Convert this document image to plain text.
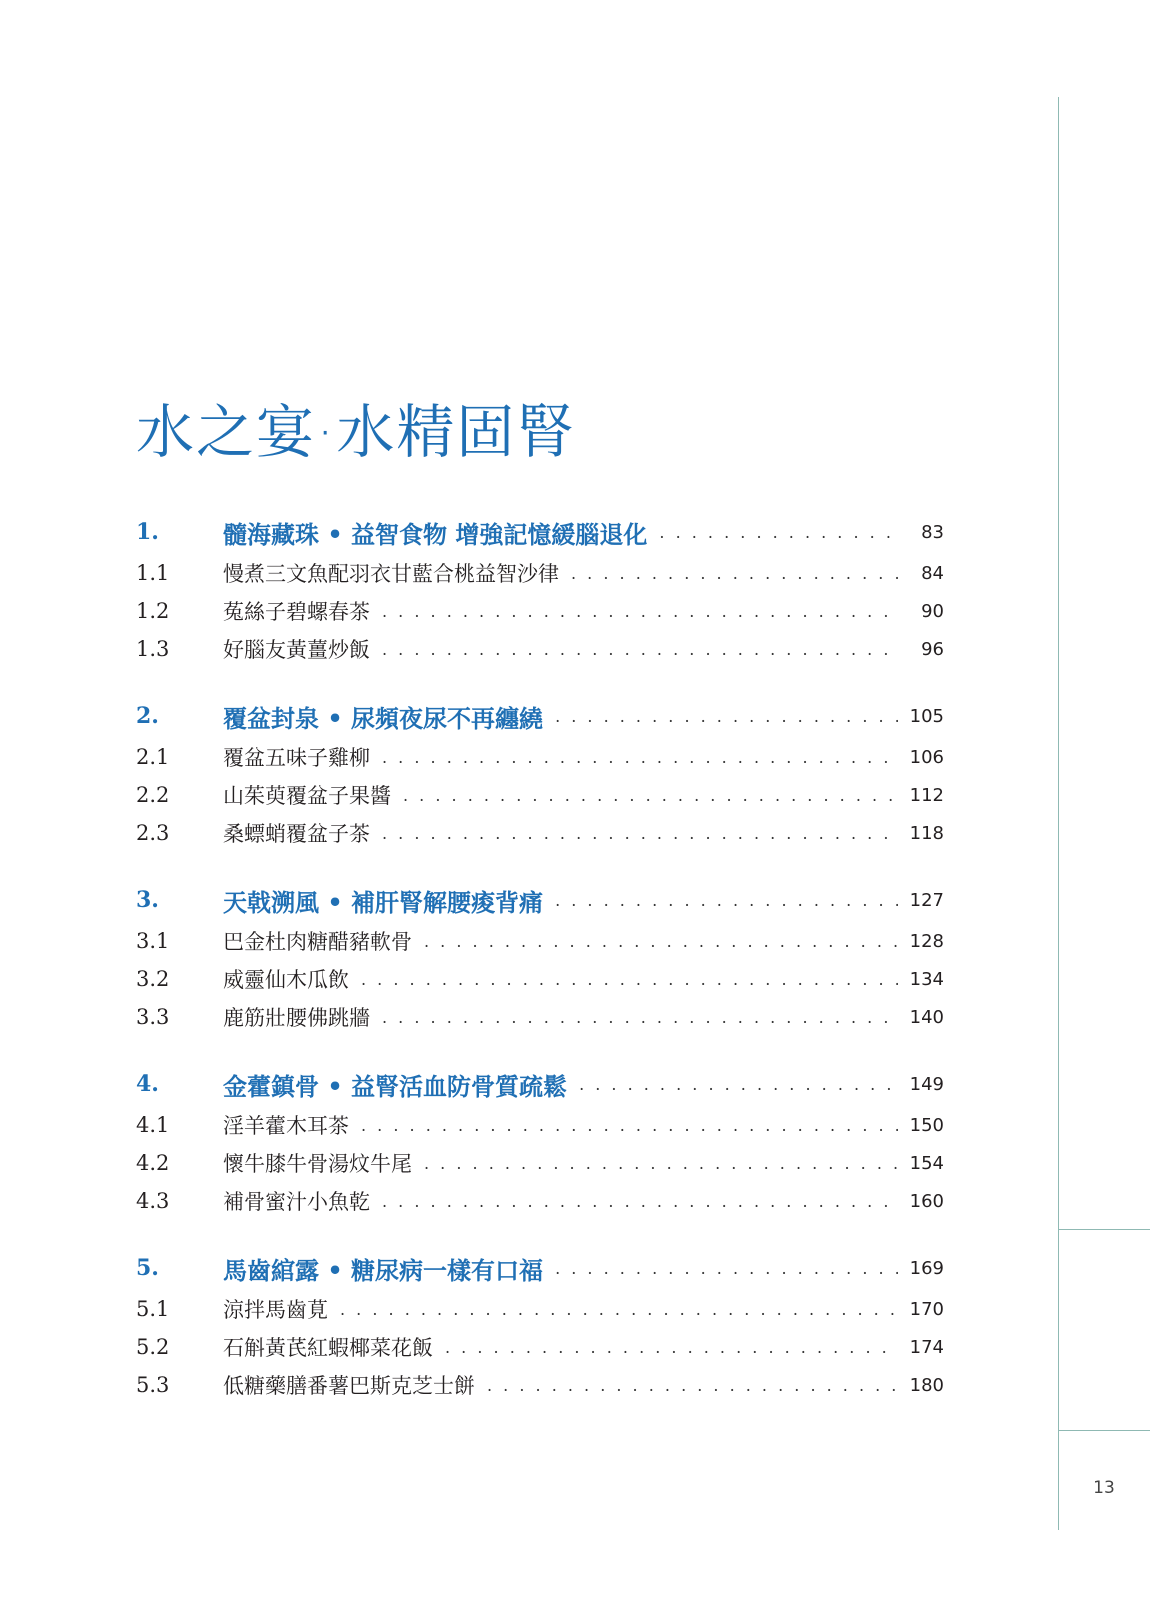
13
水之宴·水精固腎
1.	髓海藏珠 • 益智食物 增強記憶緩腦退化 . . .	83
1.1	慢煮三文魚配羽衣甘藍合桃益智沙律 . . .	84
1.2	菟絲子碧螺春茶 . . .	90
1.3	好腦友黃薑炒飯 . . .	96
2.	覆盆封泉 • 尿頻夜尿不再纏繞 . . .	105
2.1	覆盆五味子雞柳 . . .	106
2.2	山茱萸覆盆子果醬 . . .	112
2.3	桑螵蛸覆盆子茶 . . .	118
3.	天戟溯風 • 補肝腎解腰痠背痛 . . .	127
3.1	巴金杜肉糖醋豬軟骨 . . .	128
3.2	威靈仙木瓜飲 . . .	134
3.3	鹿筋壯腰佛跳牆 . . .	140
4.	金藿鎮骨 • 益腎活血防骨質疏鬆 . . .	149
4.1	淫羊藿木耳茶 . . .	150
4.2	懷牛膝牛骨湯炆牛尾 . . .	154
4.3	補骨蜜汁小魚乾 . . .	160
5.	馬齒綰露 • 糖尿病一樣有口福 . . .	169
5.1	涼拌馬齒莧 . . .	170
5.2	石斛黃芪紅蝦椰菜花飯 . . .	174
5.3	低糖藥膳番薯巴斯克芝士餅 . . .	180
